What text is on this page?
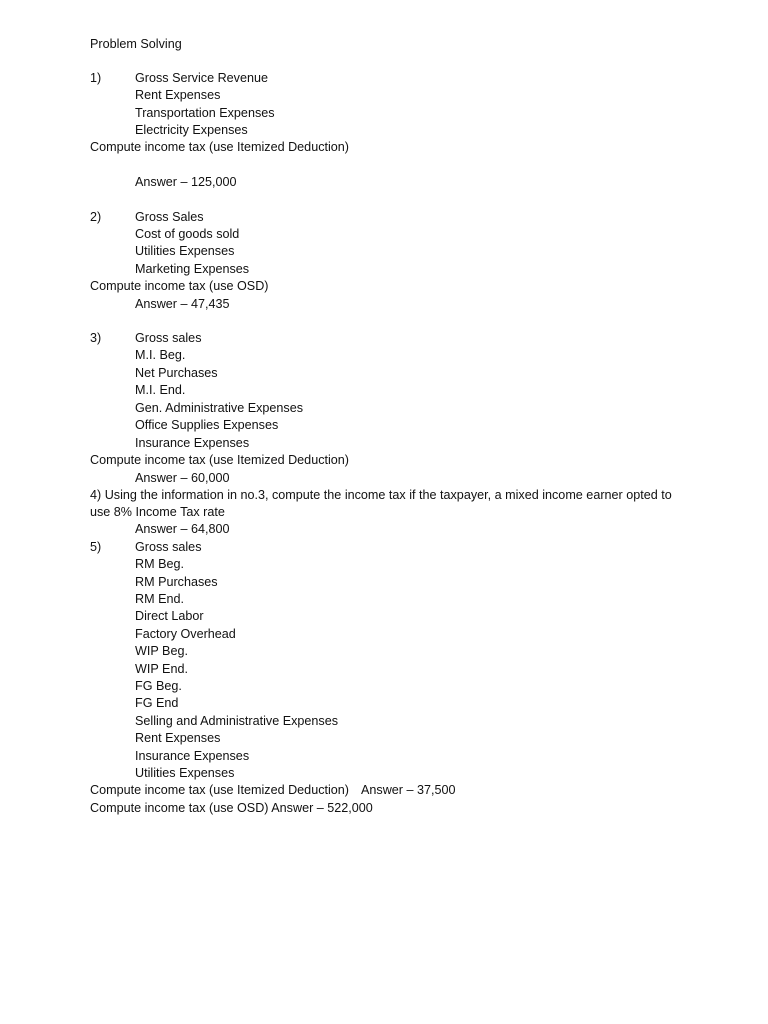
Problem Solving
1)	Gross Service Revenue
Rent Expenses
Transportation Expenses
Electricity Expenses
Compute income tax (use Itemized Deduction)
Answer – 125,000
2)	Gross Sales
Cost of goods sold
Utilities Expenses
Marketing Expenses
Compute income tax (use OSD)
Answer – 47,435
3)	Gross sales
M.I. Beg.
Net Purchases
M.I. End.
Gen. Administrative Expenses
Office Supplies Expenses
Insurance Expenses
Compute income tax (use Itemized Deduction)
Answer – 60,000
4) Using the information in no.3, compute the income tax if the taxpayer, a mixed income earner opted to use 8% Income Tax rate
Answer – 64,800
5)	Gross sales
RM Beg.
RM Purchases
RM End.
Direct Labor
Factory Overhead
WIP Beg.
WIP End.
FG Beg.
FG End
Selling and Administrative Expenses
Rent Expenses
Insurance Expenses
Utilities Expenses
Compute income tax (use Itemized Deduction) Answer – 37,500
Compute income tax (use OSD) Answer – 522,000
